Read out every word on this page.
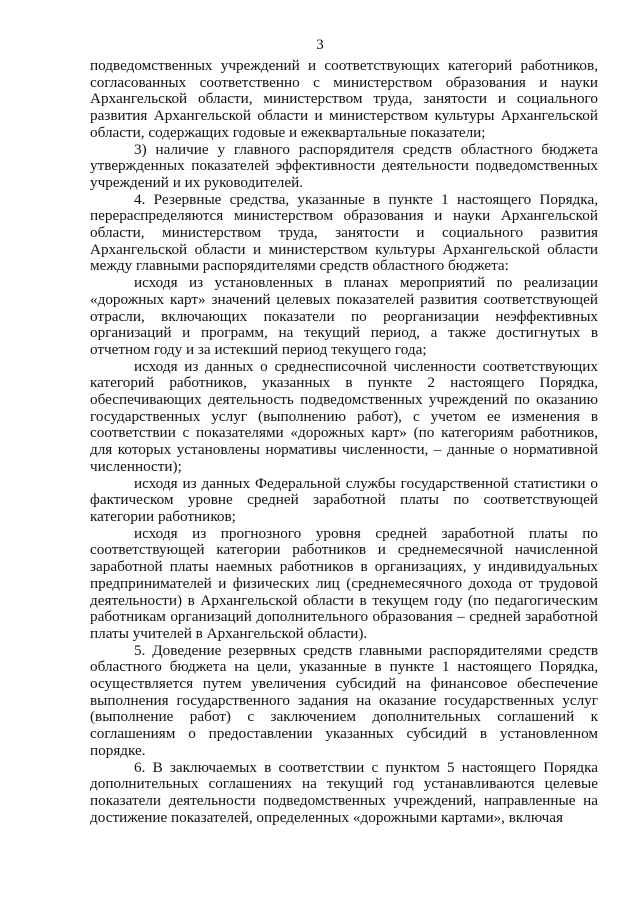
3

подведомственных учреждений и соответствующих категорий работников, согласованных соответственно с министерством образования и науки Архангельской области, министерством труда, занятости и социального развития Архангельской области и министерством культуры Архангельской области, содержащих годовые и ежеквартальные показатели;

3) наличие у главного распорядителя средств областного бюджета утвержденных показателей эффективности деятельности подведомственных учреждений и их руководителей.

4. Резервные средства, указанные в пункте 1 настоящего Порядка, перераспределяются министерством образования и науки Архангельской области, министерством труда, занятости и социального развития Архангельской области и министерством культуры Архангельской области между главными распорядителями средств областного бюджета:

исходя из установленных в планах мероприятий по реализации «дорожных карт» значений целевых показателей развития соответствующей отрасли, включающих показатели по реорганизации неэффективных организаций и программ, на текущий период, а также достигнутых в отчетном году и за истекший период текущего года;

исходя из данных о среднесписочной численности соответствующих категорий работников, указанных в пункте 2 настоящего Порядка, обеспечивающих деятельность подведомственных учреждений по оказанию государственных услуг (выполнению работ), с учетом ее изменения в соответствии с показателями «дорожных карт» (по категориям работников, для которых установлены нормативы численности, – данные о нормативной численности);

исходя из данных Федеральной службы государственной статистики о фактическом уровне средней заработной платы по соответствующей категории работников;

исходя из прогнозного уровня средней заработной платы по соответствующей категории работников и среднемесячной начисленной заработной платы наемных работников в организациях, у индивидуальных предпринимателей и физических лиц (среднемесячного дохода от трудовой деятельности) в Архангельской области в текущем году (по педагогическим работникам организаций дополнительного образования – средней заработной платы учителей в Архангельской области).

5. Доведение резервных средств главными распорядителями средств областного бюджета на цели, указанные в пункте 1 настоящего Порядка, осуществляется путем увеличения субсидий на финансовое обеспечение выполнения государственного задания на оказание государственных услуг (выполнение работ) с заключением дополнительных соглашений к соглашениям о предоставлении указанных субсидий в установленном порядке.

6. В заключаемых в соответствии с пунктом 5 настоящего Порядка дополнительных соглашениях на текущий год устанавливаются целевые показатели деятельности подведомственных учреждений, направленные на достижение показателей, определенных «дорожными картами», включая
